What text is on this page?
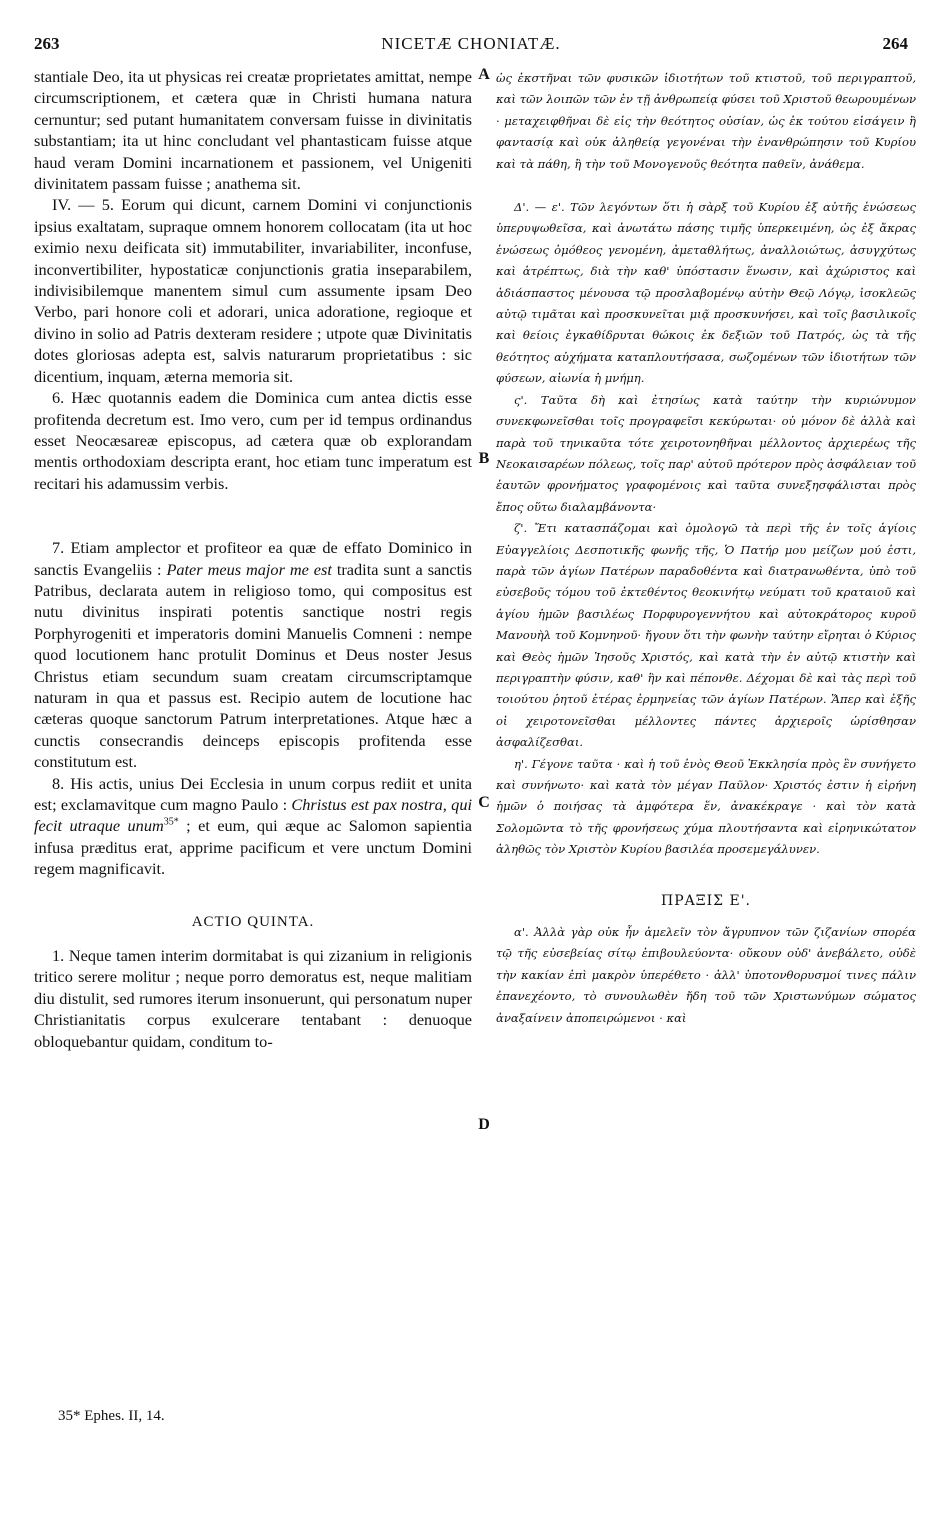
263	NICETÆ CHONIATÆ.	264
A
B
C
D

stantiale Deo, ita ut physicas rei creatæ proprietates amittat, nempe circumscriptionem, et cætera quæ in Christi humana natura cernuntur; sed putant humanitatem conversam fuisse in divinitatis substantiam; ita ut hinc concludant vel phantasticam fuisse atque haud veram Domini incarnationem et passionem, vel Unigeniti divinitatem passam fuisse ; anathema sit.

IV. — 5. Eorum qui dicunt, carnem Domini vi conjunctionis ipsius exaltatam, supraque omnem honorem collocatam (ita ut hoc eximio nexu deificata sit) immutabiliter, invariabiliter, inconfuse, inconvertibiliter, hypostaticæ conjunctionis gratia inseparabilem, indivisibilemque manentem simul cum assumente ipsam Deo Verbo, pari honore coli et adorari, unica adoratione, regioque et divino in solio ad Patris dexteram residere ; utpote quæ Divinitatis dotes gloriosas adepta est, salvis naturarum proprietatibus : sic dicentium, inquam, æterna memoria sit.

6. Hæc quotannis eadem die Dominica cum antea dictis esse profitenda decretum est. Imo vero, cum per id tempus ordinandus esset Neocæsareæ episcopus, ad cætera quæ ob explorandam mentis orthodoxiam descripta erant, hoc etiam tunc imperatum est recitari his adamussim verbis.

7. Etiam amplector et profiteor ea quæ de effato Dominico in sanctis Evangeliis : Pater meus major me est tradita sunt a sanctis Patribus, declarata autem in religioso tomo, qui compositus est nutu divinitus inspirati potentis sanctique nostri regis Porphyrogeniti et imperatoris domini Manuelis Comneni : nempe quod locutionem hanc protulit Dominus et Deus noster Jesus Christus etiam secundum suam creatam circumscriptamque naturam in qua et passus est. Recipio autem de locutione hac cæteras quoque sanctorum Patrum interpretationes. Atque hæc a cunctis consecrandis deinceps episcopis profitenda esse constitutum est.

8. His actis, unius Dei Ecclesia in unum corpus rediit et unita est; exclamavitque cum magno Paulo : Christus est pax nostra, qui fecit utraque unum$^{35*}$ ; et eum, qui æque ac Salomon sapientia infusa præditus erat, apprime pacificum et vere unctum Domini regem magnificavit.

ACTIO QUINTA.

1. Neque tamen interim dormitabat is qui zizanium in religionis tritico serere molitur ; neque porro demoratus est, neque malitiam diu distulit, sed rumores iterum insonuerunt, qui personatum nuper Christianitatis corpus exulcerare tentabant : denuoque obloquebantur quidam, conditum to-

ὡς ἐκστῆναι τῶν φυσικῶν ἰδιοτήτων τοῦ κτιστοῦ, τοῦ περιγραπτοῦ, καὶ τῶν λοιπῶν τῶν ἐν τῇ ἀνθρωπείᾳ φύσει τοῦ Χριστοῦ θεωρουμένων · μεταχειφθῆναι δὲ εἰς τὴν θεότητος οὐσίαν, ὡς ἐκ τούτου εἰσάγειν ἢ φαντασίᾳ καὶ οὐκ ἀληθείᾳ γεγονέναι τὴν ἐνανθρώπησιν τοῦ Κυρίου καὶ τὰ πάθη, ἢ τὴν τοῦ Μονογενοῦς θεότητα παθεῖν, ἀνάθεμα.

Δ'. — ε'. Τῶν λεγόντων ὅτι ἡ σὰρξ τοῦ Κυρίου ἐξ αὐτῆς ἑνώσεως ὑπερυψωθεῖσα, καὶ ἀνωτάτω πάσης τιμῆς ὑπερκειμένη, ὡς ἐξ ἄκρας ἑνώσεως ὁμόθεος γενομένη, ἀμεταθλήτως, ἀναλλοιώτως, ἀσυγχύτως καὶ ἀτρέπτως, διὰ τὴν καθ' ὑπόστασιν ἕνωσιν, καὶ ἀχώριστος καὶ ἀδιάσπαστος μένουσα τῷ προσλαβομένῳ αὐτὴν Θεῷ Λόγῳ, ἰσοκλεῶς αὐτῷ τιμᾶται καὶ προσκυνεῖται μιᾷ προσκυνήσει, καὶ τοῖς βασιλικοῖς καὶ θείοις ἐγκαθίδρυται θώκοις ἐκ δεξιῶν τοῦ Πατρός, ὡς τὰ τῆς θεότητος αὐχήματα καταπλουτήσασα, σωζομένων τῶν ἰδιοτήτων τῶν φύσεων, αἰωνία ἡ μνήμη.

ς'. Ταῦτα δὴ καὶ ἐτησίως κατὰ ταύτην τὴν κυριώνυμον συνεκφωνεῖσθαι τοῖς προγραφεῖσι κεκύρωται· οὐ μόνον δὲ ἀλλὰ καὶ παρὰ τοῦ τηνικαῦτα τότε χειροτονηθῆναι μέλλοντος ἀρχιερέως τῆς Νεοκαισαρέων πόλεως, τοῖς παρ' αὐτοῦ πρότερον πρὸς ἀσφάλειαν τοῦ ἑαυτῶν φρονήματος γραφομένοις καὶ ταῦτα συνεξησφάλισται πρὸς ἔπος οὕτω διαλαμβάνοντα·

ζ'. Ἔτι κατασπάζομαι καὶ ὁμολογῶ τὰ περὶ τῆς ἐν τοῖς ἁγίοις Εὐαγγελίοις Δεσποτικῆς φωνῆς τῆς, Ὁ Πατήρ μου μείζων μού ἐστι, παρὰ τῶν ἁγίων Πατέρων παραδοθέντα καὶ διατρανωθέντα, ὑπὸ τοῦ εὐσεβοῦς τόμου τοῦ ἐκτεθέντος θεοκινήτῳ νεύματι τοῦ κραταιοῦ καὶ ἁγίου ἡμῶν βασιλέως Πορφυρογεννήτου καὶ αὐτοκράτορος κυροῦ Μανουὴλ τοῦ Κομνηνοῦ· ἤγουν ὅτι τὴν φωνὴν ταύτην εἴρηται ὁ Κύριος καὶ Θεὸς ἡμῶν Ἰησοῦς Χριστός, καὶ κατὰ τὴν ἐν αὐτῷ κτιστὴν καὶ περιγραπτὴν φύσιν, καθ' ἣν καὶ πέπονθε. Δέχομαι δὲ καὶ τὰς περὶ τοῦ τοιούτου ῥητοῦ ἑτέρας ἑρμηνείας τῶν ἁγίων Πατέρων. Ἅπερ καὶ ἑξῆς οἱ χειροτονεῖσθαι μέλλοντες πάντες ἀρχιεροῖς ὡρίσθησαν ἀσφαλίζεσθαι.

η'. Γέγονε ταῦτα · καὶ ἡ τοῦ ἑνὸς Θεοῦ Ἐκκλησία πρὸς ἓν συνήγετο καὶ συνήνωτο· καὶ κατὰ τὸν μέγαν Παῦλον· Χριστός ἐστιν ἡ εἰρήνη ἡμῶν ὁ ποιήσας τὰ ἀμφότερα ἕν, ἀνακέκραγε · καὶ τὸν κατὰ Σολομῶντα τὸ τῆς φρονήσεως χύμα πλουτήσαντα καὶ εἰρηνικώτατον ἀληθῶς τὸν Χριστὸν Κυρίου βασιλέα προσεμεγάλυνεν.

ΠΡΑΞΙΣ Ε'.

α'. Ἀλλὰ γὰρ οὐκ ἦν ἀμελεῖν τὸν ἄγρυπνον τῶν ζιζανίων σπορέα τῷ τῆς εὐσεβείας σίτῳ ἐπιβουλεύοντα· οὔκουν οὐδ' ἀνεβάλετο, οὐδὲ τὴν κακίαν ἐπὶ μακρὸν ὑπερέθετο · ἀλλ' ὑποτονθορυσμοί τινες πάλιν ἐπανεχέοντο, τὸ συνουλωθὲν ἤδη τοῦ τῶν Χριστωνύμων σώματος ἀναξαίνειν ἀποπειρώμενοι · καὶ

35* Ephes. II, 14.
